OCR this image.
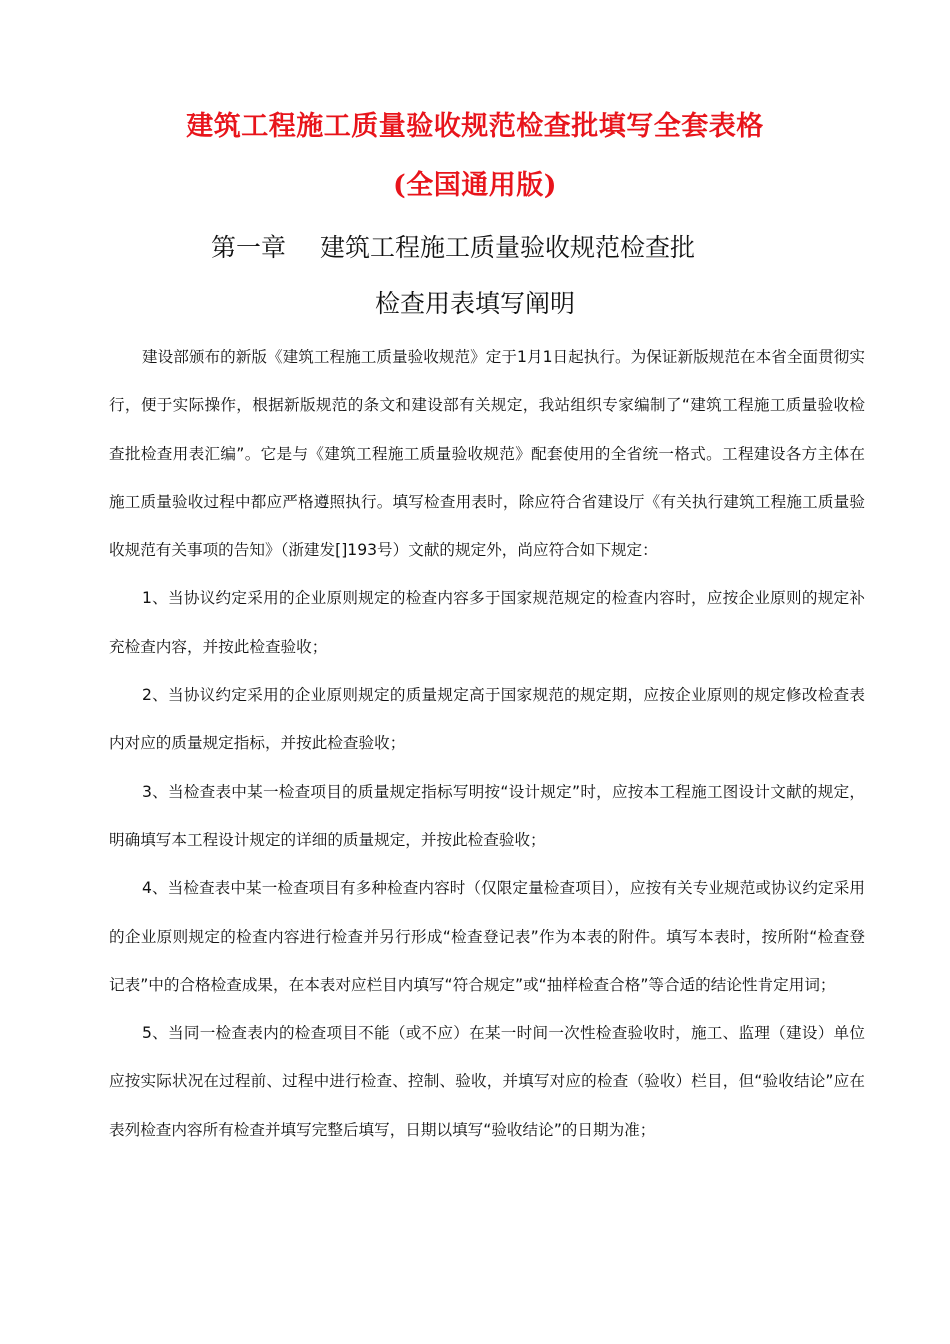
建筑工程施工质量验收规范检查批填写全套表格
(全国通用版)
第一章 建筑工程施工质量验收规范检查批
检查用表填写阐明

建设部颁布的新版《建筑工程施工质量验收规范》定于1月1日起执行。为保证新版规范在本省全面贯彻实行，便于实际操作，根据新版规范的条文和建设部有关规定，我站组织专家编制了“建筑工程施工质量验收检查批检查用表汇编”。它是与《建筑工程施工质量验收规范》配套使用的全省统一格式。工程建设各方主体在施工质量验收过程中都应严格遵照执行。填写检查用表时，除应符合省建设厅《有关执行建筑工程施工质量验收规范有关事项的告知》（浙建发[]193号）文献的规定外，尚应符合如下规定：

1、当协议约定采用的企业原则规定的检查内容多于国家规范规定的检查内容时，应按企业原则的规定补充检查内容，并按此检查验收；

2、当协议约定采用的企业原则规定的质量规定高于国家规范的规定期，应按企业原则的规定修改检查表内对应的质量规定指标，并按此检查验收；

3、当检查表中某一检查项目的质量规定指标写明按“设计规定”时，应按本工程施工图设计文献的规定，明确填写本工程设计规定的详细的质量规定，并按此检查验收；

4、当检查表中某一检查项目有多种检查内容时（仅限定量检查项目），应按有关专业规范或协议约定采用的企业原则规定的检查内容进行检查并另行形成“检查登记表”作为本表的附件。填写本表时，按所附“检查登记表”中的合格检查成果，在本表对应栏目内填写“符合规定”或“抽样检查合格”等合适的结论性肯定用词；

5、当同一检查表内的检查项目不能（或不应）在某一时间一次性检查验收时，施工、监理（建设）单位应按实际状况在过程前、过程中进行检查、控制、验收，并填写对应的检查（验收）栏目，但“验收结论”应在表列检查内容所有检查并填写完整后填写，日期以填写“验收结论”的日期为准；
